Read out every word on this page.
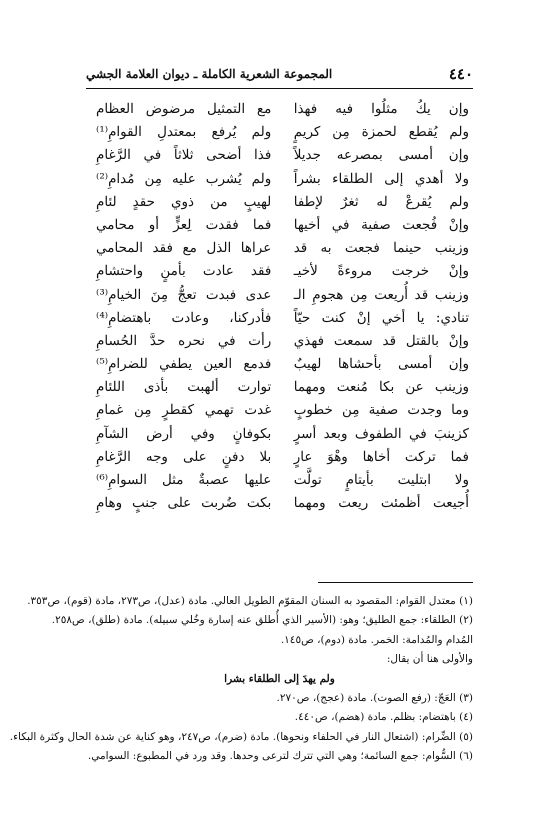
٤٤٠
المجموعة الشعرية الكاملة ـ ديوان العلامة الجشي
وإن يكُ مثلُوا فيه فهذا
مع التمثيل مرضوض العظام
ولم يُقطع لحمزة مِن كريمٍ
ولم يُرفع بمعتدلِ القوامِ⁽¹⁾
وإن أمسى بمصرعه جديلاً
فذا أضحى ثلاثاً في الرَّغامِ
ولا أهدي إلى الطلقاء بشراً
ولم يُشرب عليه مِن مُدامِ⁽²⁾
ولم يُقرعْ له ثغرٌ لإطفا
لهيبٍ من ذوي حقدٍ لئامِ
وإنْ فُجعت صفية في أخيها
فما فقدت لِعزٍّ أو محامي
وزينب حينما فجعت به قد
عراها الذل مع فقد المحامي
وإنْ خرجت مروءةً لأخيـ
فقد عادت بأمنٍ واحتشامِ
وزينب قد أُريعت مِن هجومِ الـ
عدى فبدت تعجُّ مِنَ الخيامِ⁽³⁾
تنادي: يا أخي إنْ كنت حيّاً
فأدركنا، وعادت باهتضامِ⁽⁴⁾
وإنْ بالقتل قد سمعت فهذي
رأت في نحره حدَّ الحُسامِ
وإن أمسى بأحشاها لهيبٌ
فدمع العين يطفي للضرامِ⁽⁵⁾
وزينب عن بكا مُنعت ومهما
توارت ألهبت بأذى اللئامِ
وما وجدت صفية مِن خطوبٍ
غدت تهمي كقطرٍ مِن غمامِ
كزينبَ في الطفوف وبعد أسرٍ
بكوفانٍ وفي أرض الشآمِ
فما تركت أخاها وهْوَ عارٍ
بلا دفنٍ على وجه الرَّغامِ
ولا ابتليت بأيتامٍ تولَّت
عليها عصبةٌ مثل السوامِ⁽⁶⁾
أُجيعت أظمئت ريعت ومهما
بكت ضُربت على جنبٍ وهامِ
(١) معتدل القوام: المقصود به السنان المقوّم الطويل العالي. مادة (عدل)، ص٢٧٣، مادة (قوم)، ص٣٥٣.
(٢) الطلقاء: جمع الطليق؛ وهو: (الأسير الذي أُطلق عنه إسارة وخُلي سبيله). مادة (طلق)، ص٢٥٨.
المُدام والمُدامة: الخمر. مادة (دوم)، ص١٤٥.
والأولى هنا أن يقال:
ولم يهدَ إلى الطلقاء بشرا
(٣) العَجّ: (رفع الصوت). مادة (عجج)، ص٢٧٠.
(٤) باهتضام: بظلم. مادة (هضم)، ص٤٤٠.
(٥) الضِّرام: (اشتعال النار في الحلفاء ونحوها). مادة (ضرم)، ص٢٤٧، وهو كناية عن شدة الحال وكثرة البكاء.
(٦) السُّوام: جمع السائمة؛ وهي التي تترك لترعى وحدها. وقد ورد في المطبوع: السوامي.
